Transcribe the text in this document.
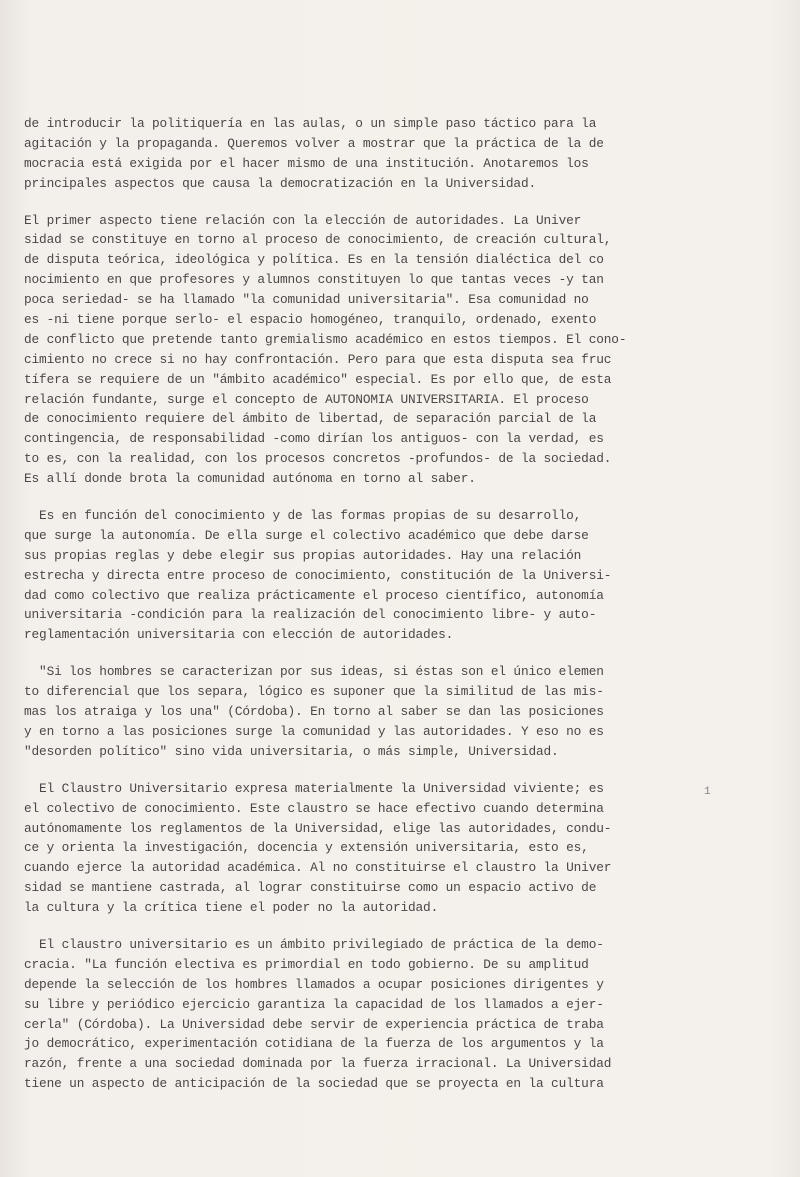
de introducir la politiquería en las aulas, o un simple paso táctico para la
agitación y la propaganda. Queremos volver a mostrar que la práctica de la de
mocracia está exigida por el hacer mismo de una institución. Anotaremos los
principales aspectos que causa la democratización en la Universidad.
El primer aspecto tiene relación con la elección de autoridades. La Univer
sidad se constituye en torno al proceso de conocimiento, de creación cultural,
de disputa teórica, ideológica y política. Es en la tensión dialéctica del co
nocimiento en que profesores y alumnos constituyen lo que tantas veces -y tan
poca seriedad- se ha llamado "la comunidad universitaria". Esa comunidad no
es -ni tiene porque serlo- el espacio homogéneo, tranquilo, ordenado, exento
de conflicto que pretende tanto gremialismo académico en estos tiempos. El cono-
cimiento no crece si no hay confrontación. Pero para que esta disputa sea fruc
tífera se requiere de un "ámbito académico" especial. Es por ello que, de esta
relación fundante, surge el concepto de AUTONOMIA UNIVERSITARIA. El proceso
de conocimiento requiere del ámbito de libertad, de separación parcial de la
contingencia, de responsabilidad -como dirían los antiguos- con la verdad, es
to es, con la realidad, con los procesos concretos -profundos- de la sociedad.
Es allí donde brota la comunidad autónoma en torno al saber.
Es en función del conocimiento y de las formas propias de su desarrollo,
que surge la autonomía. De ella surge el colectivo académico que debe darse
sus propias reglas y debe elegir sus propias autoridades. Hay una relación
estrecha y directa entre proceso de conocimiento, constitución de la Universi-
dad como colectivo que realiza prácticamente el proceso científico, autonomía
universitaria -condición para la realización del conocimiento libre- y auto-
reglamentación universitaria con elección de autoridades.
"Si los hombres se caracterizan por sus ideas, si éstas son el único elemen
to diferencial que los separa, lógico es suponer que la similitud de las mis-
mas los atraiga y los una" (Córdoba). En torno al saber se dan las posiciones
y en torno a las posiciones surge la comunidad y las autoridades. Y eso no es
"desorden político" sino vida universitaria, o más simple, Universidad.
El Claustro Universitario expresa materialmente la Universidad viviente; es
el colectivo de conocimiento. Este claustro se hace efectivo cuando determina
autónomamente los reglamentos de la Universidad, elige las autoridades, condu-
ce y orienta la investigación, docencia y extensión universitaria, esto es,
cuando ejerce la autoridad académica. Al no constituirse el claustro la Univer
sidad se mantiene castrada, al lograr constituirse como un espacio activo de
la cultura y la crítica tiene el poder no la autoridad.
El claustro universitario es un ámbito privilegiado de práctica de la demo-
cracia. "La función electiva es primordial en todo gobierno. De su amplitud
depende la selección de los hombres llamados a ocupar posiciones dirigentes y
su libre y periódico ejercicio garantiza la capacidad de los llamados a ejer-
cerla" (Córdoba). La Universidad debe servir de experiencia práctica de traba
jo democrático, experimentación cotidiana de la fuerza de los argumentos y la
razón, frente a una sociedad dominada por la fuerza irracional. La Universidad
tiene un aspecto de anticipación de la sociedad que se proyecta en la cultura
1
